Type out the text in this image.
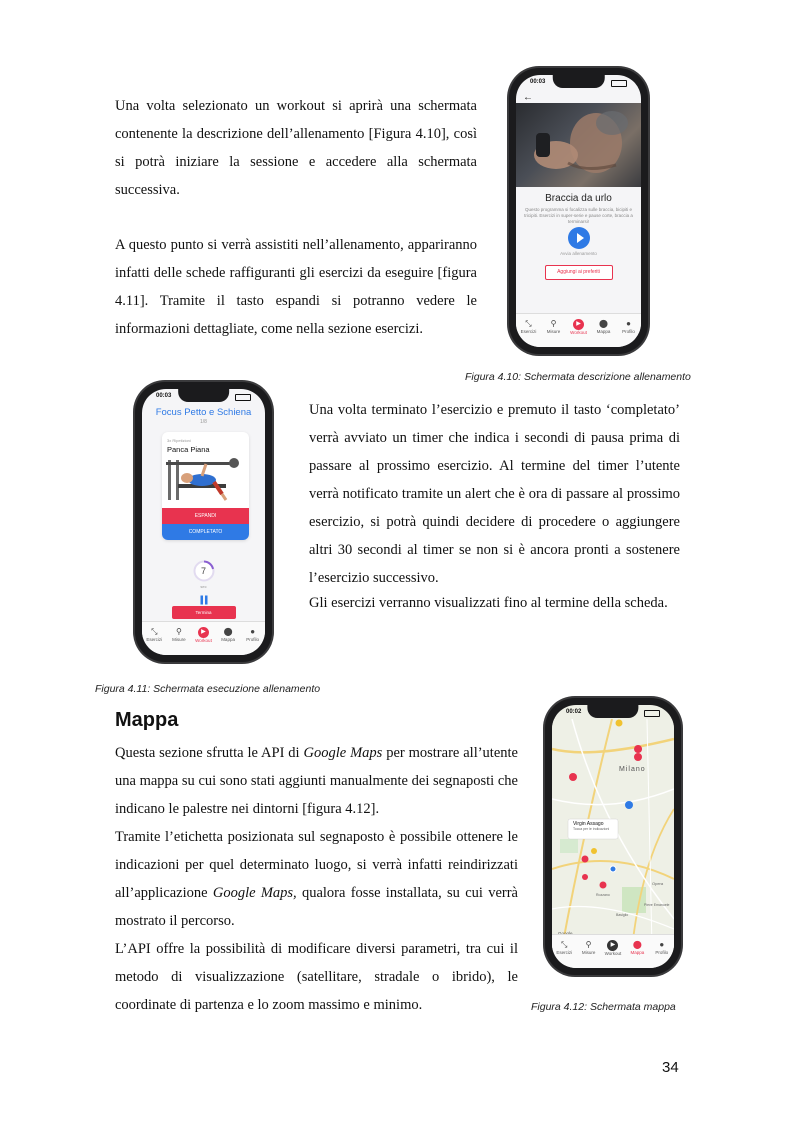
Una volta selezionato un workout si aprirà una schermata contenente la descrizione dell’allenamento [Figura 4.10], così si potrà iniziare la sessione e accedere alla schermata successiva.

A questo punto si verrà assistiti nell’allenamento, appariranno infatti delle schede raffiguranti gli esercizi da eseguire [figura 4.11]. Tramite il tasto espandi si potranno vedere le informazioni dettagliate, come nella sezione esercizi.

00:03
←
Braccia da urlo
Questo programma si focalizza sulle braccia, bicipiti e tricipiti. Esercizi in super-serie e pause corte, braccia a terminarsi!
Avvia allenamento
Aggiungi ai preferiti
⤡
Esercizi
⚲
Misure
▶
Workout
⬤
Mappa
●
Profilo

Figura 4.10: Schermata descrizione allenamento

00:03
Focus Petto e Schiena
1/8
3x Ripetizioni
Panca Piana
ESPANDI
COMPLETATO
7
sec
Termina
⤡
Esercizi
⚲
Misure
▶
Workout
⬤
Mappa
●
Profilo

Figura 4.11: Schermata esecuzione allenamento

Una volta terminato l’esercizio e premuto il tasto ‘completato’ verrà avviato un timer che indica i secondi di pausa prima di passare al prossimo esercizio. Al termine del timer l’utente verrà notificato tramite un alert che è ora di passare al prossimo esercizio, si potrà quindi decidere di procedere o aggiungere altri 30 secondi al timer se non si è ancora pronti a sostenere l’esercizio successivo.

Gli esercizi verranno visualizzati fino al termine della scheda.

Mappa

Questa sezione sfrutta le API di Google Maps per mostrare all’utente una mappa su cui sono stati aggiunti manualmente dei segnaposti che indicano le palestre nei dintorni [figura 4.12].

Tramite l’etichetta posizionata sul segnaposto è possibile ottenere le indicazioni per quel determinato luogo, si verrà infatti reindirizzati all’applicazione Google Maps, qualora fosse installata, su cui verrà mostrato il percorso.

L’API offre la possibilità di modificare diversi parametri, tra cui il metodo di visualizzazione (satellitare, stradale o ibrido), le coordinate di partenza e lo zoom massimo e minimo.

00:02
Milano
Virgin Assago
Tocca per le indicazioni
Opera
Pieve Emanuele
Basiglio
Rozzano
⤡
Esercizi
⚲
Misure
▶
Workout
⬤
Mappa
●
Profilo

Figura 4.12: Schermata mappa

34
